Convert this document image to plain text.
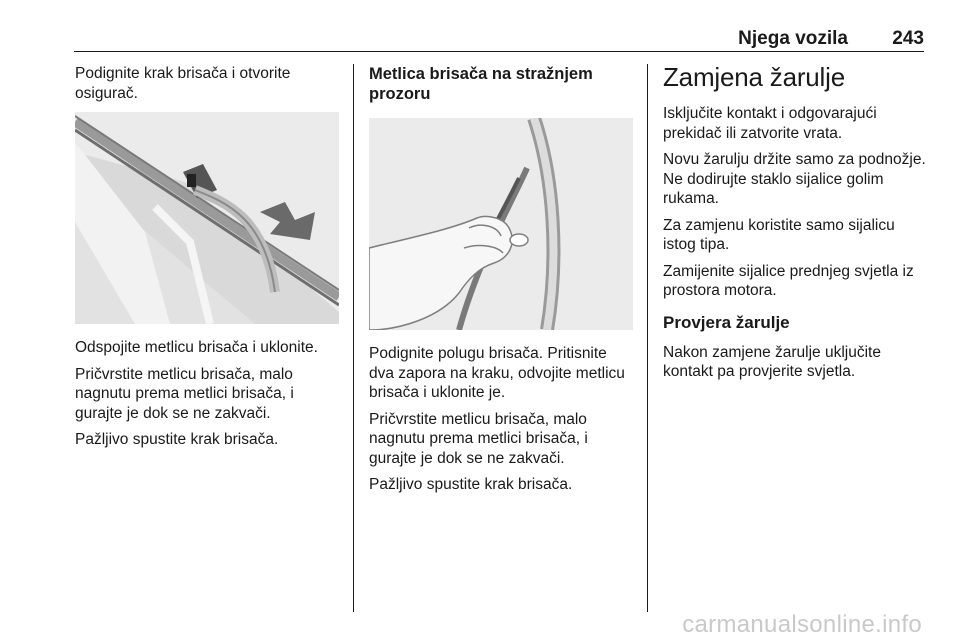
Njega vozila 243

Podignite krak brisača i otvorite osigurač.

Odspojite metlicu brisača i uklonite.

Pričvrstite metlicu brisača, malo nagnutu prema metlici brisača, i gurajte je dok se ne zakvači.

Pažljivo spustite krak brisača.

Metlica brisača na stražnjem prozoru

Podignite polugu brisača. Pritisnite dva zapora na kraku, odvojite metlicu brisača i uklonite je.

Pričvrstite metlicu brisača, malo nagnutu prema metlici brisača, i gurajte je dok se ne zakvači.

Pažljivo spustite krak brisača.

Zamjena žarulje

Isključite kontakt i odgovarajući prekidač ili zatvorite vrata.

Novu žarulju držite samo za podnožje. Ne dodirujte staklo sijalice golim rukama.

Za zamjenu koristite samo sijalicu istog tipa.

Zamijenite sijalice prednjeg svjetla iz prostora motora.

Provjera žarulje

Nakon zamjene žarulje uključite kontakt pa provjerite svjetla.

carmanualsonline.info
